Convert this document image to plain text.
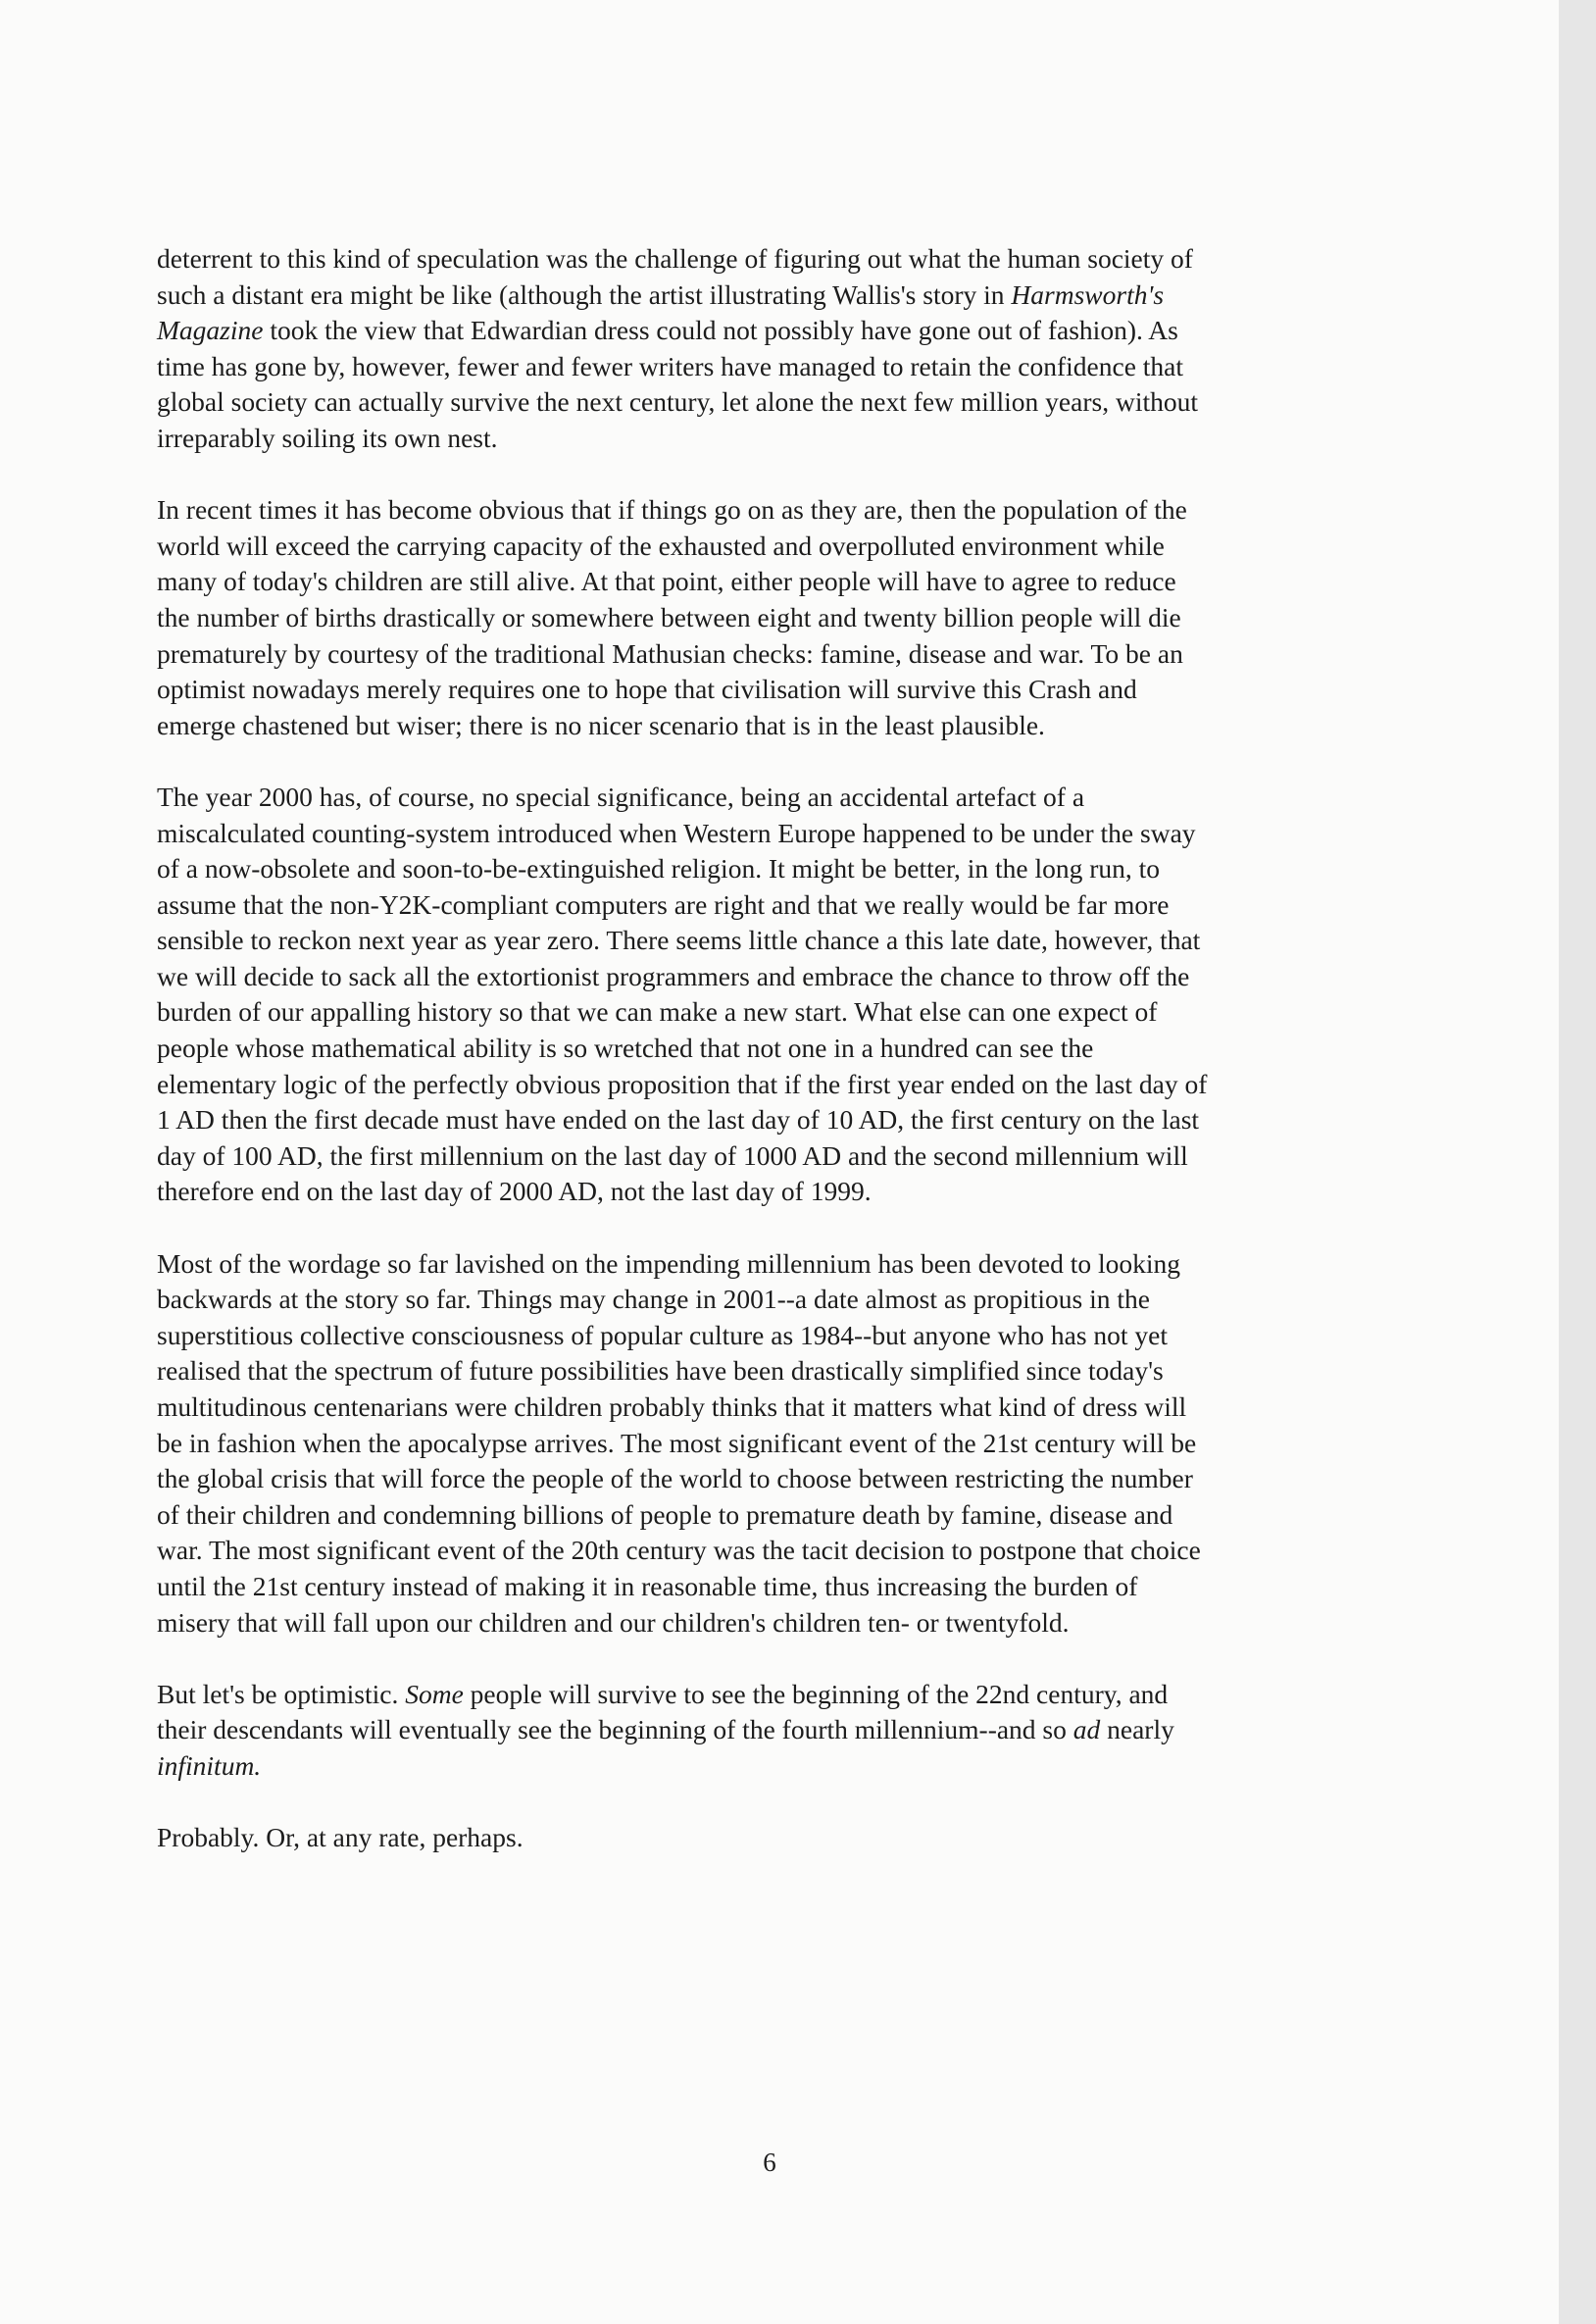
deterrent to this kind of speculation was the challenge of figuring out what the human society of
such a distant era might be like (although the artist illustrating Wallis's story in Harmsworth's
Magazine took the view that Edwardian dress could not possibly have gone out of fashion). As
time has gone by, however, fewer and fewer writers have managed to retain the confidence that
global society can actually survive the next century, let alone the next few million years, without
irreparably soiling its own nest.

In recent times it has become obvious that if things go on as they are, then the population of the
world will exceed the carrying capacity of the exhausted and overpolluted environment while
many of today's children are still alive. At that point, either people will have to agree to reduce
the number of births drastically or somewhere between eight and twenty billion people will die
prematurely by courtesy of the traditional Mathusian checks: famine, disease and war. To be an
optimist nowadays merely requires one to hope that civilisation will survive this Crash and
emerge chastened but wiser; there is no nicer scenario that is in the least plausible.

The year 2000 has, of course, no special significance, being an accidental artefact of a
miscalculated counting-system introduced when Western Europe happened to be under the sway
of a now-obsolete and soon-to-be-extinguished religion. It might be better, in the long run, to
assume that the non-Y2K-compliant computers are right and that we really would be far more
sensible to reckon next year as year zero. There seems little chance a this late date, however, that
we will decide to sack all the extortionist programmers and embrace the chance to throw off the
burden of our appalling history so that we can make a new start. What else can one expect of
people whose mathematical ability is so wretched that not one in a hundred can see the
elementary logic of the perfectly obvious proposition that if the first year ended on the last day of
1 AD then the first decade must have ended on the last day of 10 AD, the first century on the last
day of 100 AD, the first millennium on the last day of 1000 AD and the second millennium will
therefore end on the last day of 2000 AD, not the last day of 1999.

Most of the wordage so far lavished on the impending millennium has been devoted to looking
backwards at the story so far. Things may change in 2001--a date almost as propitious in the
superstitious collective consciousness of popular culture as 1984--but anyone who has not yet
realised that the spectrum of future possibilities have been drastically simplified since today's
multitudinous centenarians were children probably thinks that it matters what kind of dress will
be in fashion when the apocalypse arrives. The most significant event of the 21st century will be
the global crisis that will force the people of the world to choose between restricting the number
of their children and condemning billions of people to premature death by famine, disease and
war. The most significant event of the 20th century was the tacit decision to postpone that choice
until the 21st century instead of making it in reasonable time, thus increasing the burden of
misery that will fall upon our children and our children's children ten- or twentyfold.

But let's be optimistic. Some people will survive to see the beginning of the 22nd century, and
their descendants will eventually see the beginning of the fourth millennium--and so ad nearly
infinitum.

Probably. Or, at any rate, perhaps.

6
